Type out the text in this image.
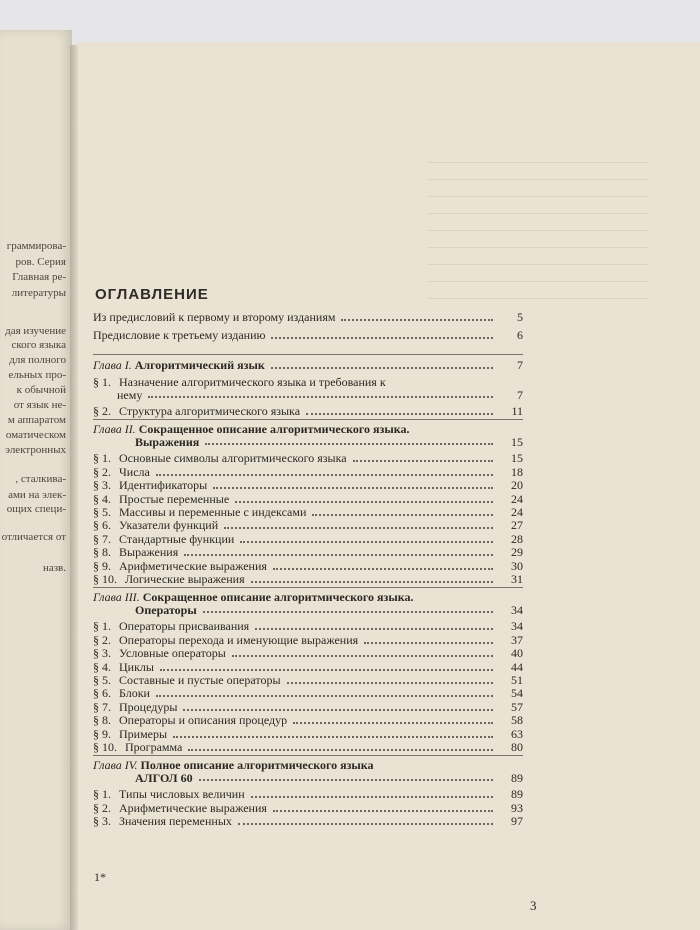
граммирова-
ров. Серия
Главная ре-
литературы
дая изучение
ского языка
для полного
ельных про-
к обычной
от язык не-
м аппаратом
оматическом
электронных
, сталкива-
ами на элек-
ощих специ-
отличается от
назв.
ОГЛАВЛЕНИЕ
Из предисловий к первому и второму изданиям	5
Предисловие к третьему изданию	6
Глава I. Алгоритмический язык	7
§ 1. Назначение алгоритмического языка и требования к
нему	7
§ 2. Структура алгоритмического языка	11
Глава II. Сокращенное описание алгоритмического языка.
Выражения	15
§ 1. Основные символы алгоритмического языка	15
§ 2. Числа	18
§ 3. Идентификаторы	20
§ 4. Простые переменные	24
§ 5. Массивы и переменные с индексами	24
§ 6. Указатели функций	27
§ 7. Стандартные функции	28
§ 8. Выражения	29
§ 9. Арифметические выражения	30
§ 10. Логические выражения	31
Глава III. Сокращенное описание алгоритмического языка.
Операторы	34
§ 1. Операторы присваивания	34
§ 2. Операторы перехода и именующие выражения	37
§ 3. Условные операторы	40
§ 4. Циклы	44
§ 5. Составные и пустые операторы	51
§ 6. Блоки	54
§ 7. Процедуры	57
§ 8. Операторы и описания процедур	58
§ 9. Примеры	63
§ 10. Программа	80
Глава IV. Полное описание алгоритмического языка
АЛГОЛ 60	89
§ 1. Типы числовых величин	89
§ 2. Арифметические выражения	93
§ 3. Значения переменных	97
1*
3
